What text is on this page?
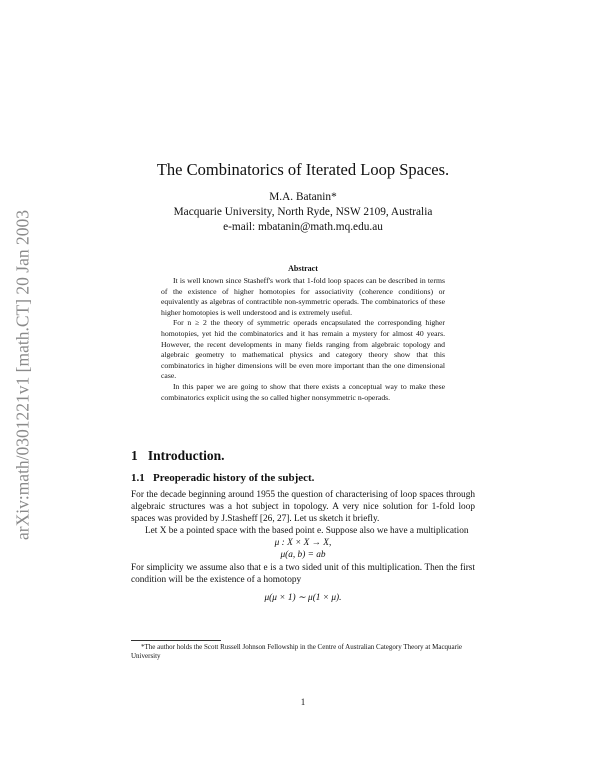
arXiv:math/0301221v1 [math.CT] 20 Jan 2003
The Combinatorics of Iterated Loop Spaces.
M.A. Batanin*
Macquarie University, North Ryde, NSW 2109, Australia
e-mail: mbatanin@math.mq.edu.au
Abstract

It is well known since Stasheff's work that 1-fold loop spaces can be described in terms of the existence of higher homotopies for associativity (coherence conditions) or equivalently as algebras of contractible non-symmetric operads. The combinatorics of these higher homotopies is well understood and is extremely useful.

For n ≥ 2 the theory of symmetric operads encapsulated the corresponding higher homotopies, yet hid the combinatorics and it has remain a mystery for almost 40 years. However, the recent developments in many fields ranging from algebraic topology and algebraic geometry to mathematical physics and category theory show that this combinatorics in higher dimensions will be even more important than the one dimensional case.

In this paper we are going to show that there exists a conceptual way to make these combinatorics explicit using the so called higher nonsymmetric n-operads.

1 Introduction.
1.1 Preoperadic history of the subject.

For the decade beginning around 1955 the question of characterising of loop spaces through algebraic structures was a hot subject in topology. A very nice solution for 1-fold loop spaces was provided by J.Stasheff [26, 27]. Let us sketch it briefly.

Let X be a pointed space with the based point e. Suppose also we have a multiplication

μ : X × X → X,

μ(a, b) = ab

For simplicity we assume also that e is a two sided unit of this multiplication. Then the first condition will be the existence of a homotopy

μ(μ × 1) ∼ μ(1 × μ).

*The author holds the Scott Russell Johnson Fellowship in the Centre of Australian Category Theory at Macquarie University
1
